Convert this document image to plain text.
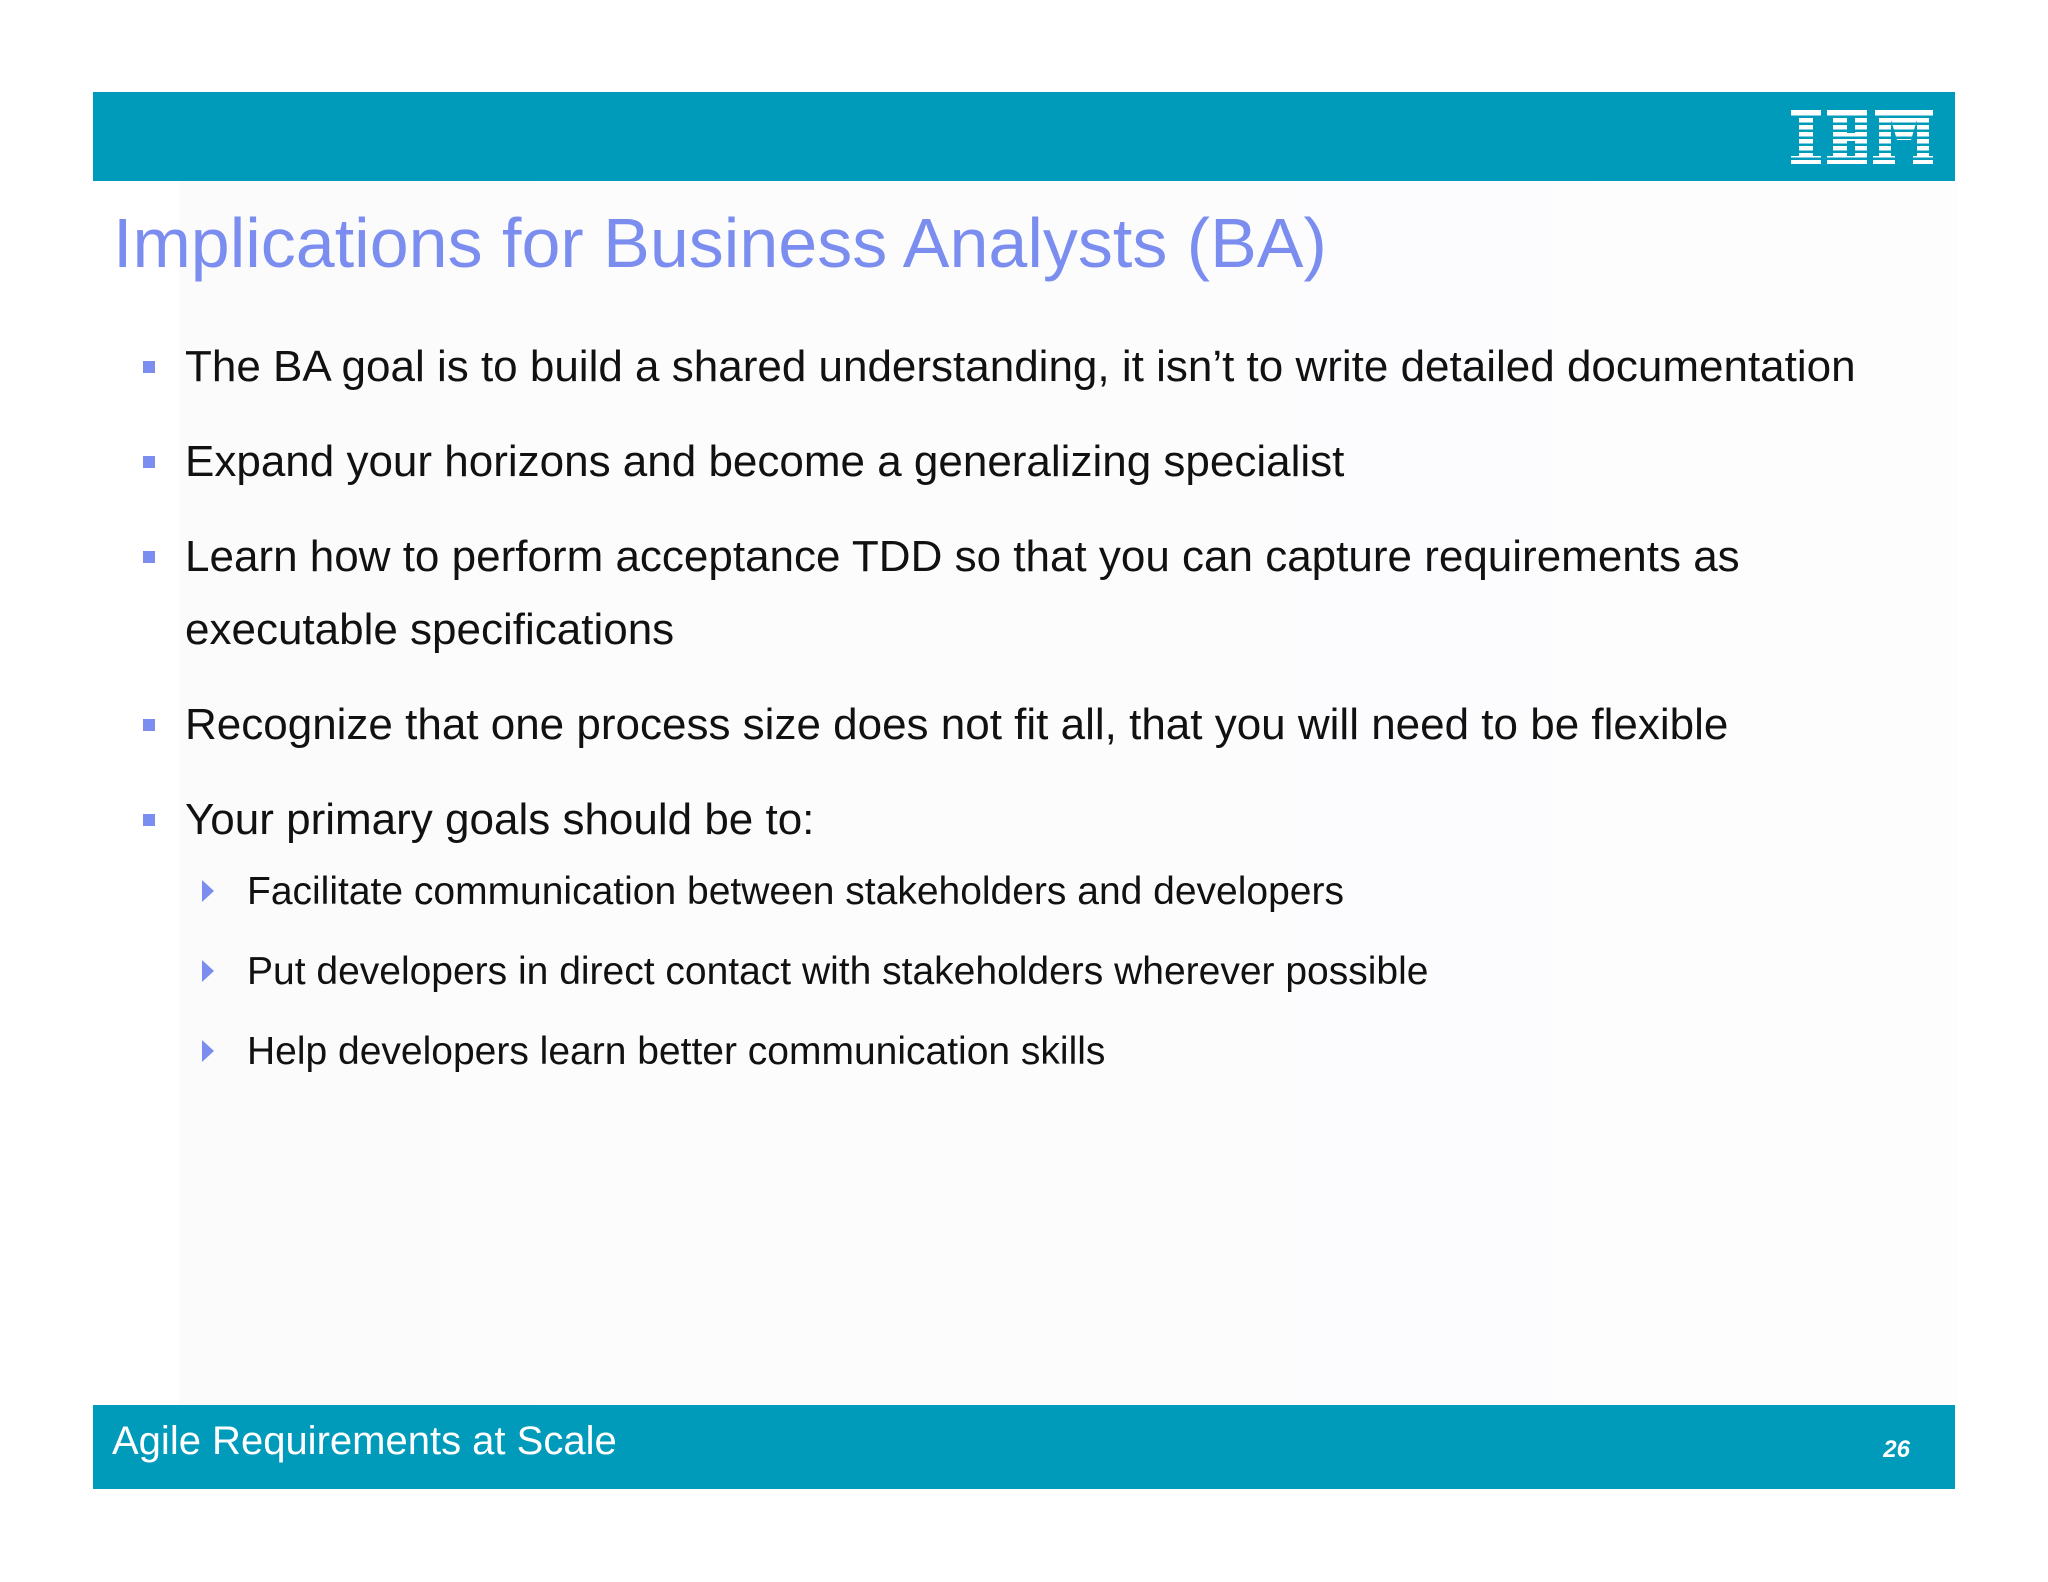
Implications for Business Analysts (BA)
The BA goal is to build a shared understanding, it isn’t to write detailed documentation
Expand your horizons and become a generalizing specialist
Learn how to perform acceptance TDD so that you can capture requirements as executable specifications
Recognize that one process size does not fit all, that you will need to be flexible
Your primary goals should be to:
Facilitate communication between stakeholders and developers
Put developers in direct contact with stakeholders wherever possible
Help developers learn better communication skills
Agile Requirements at Scale	26
